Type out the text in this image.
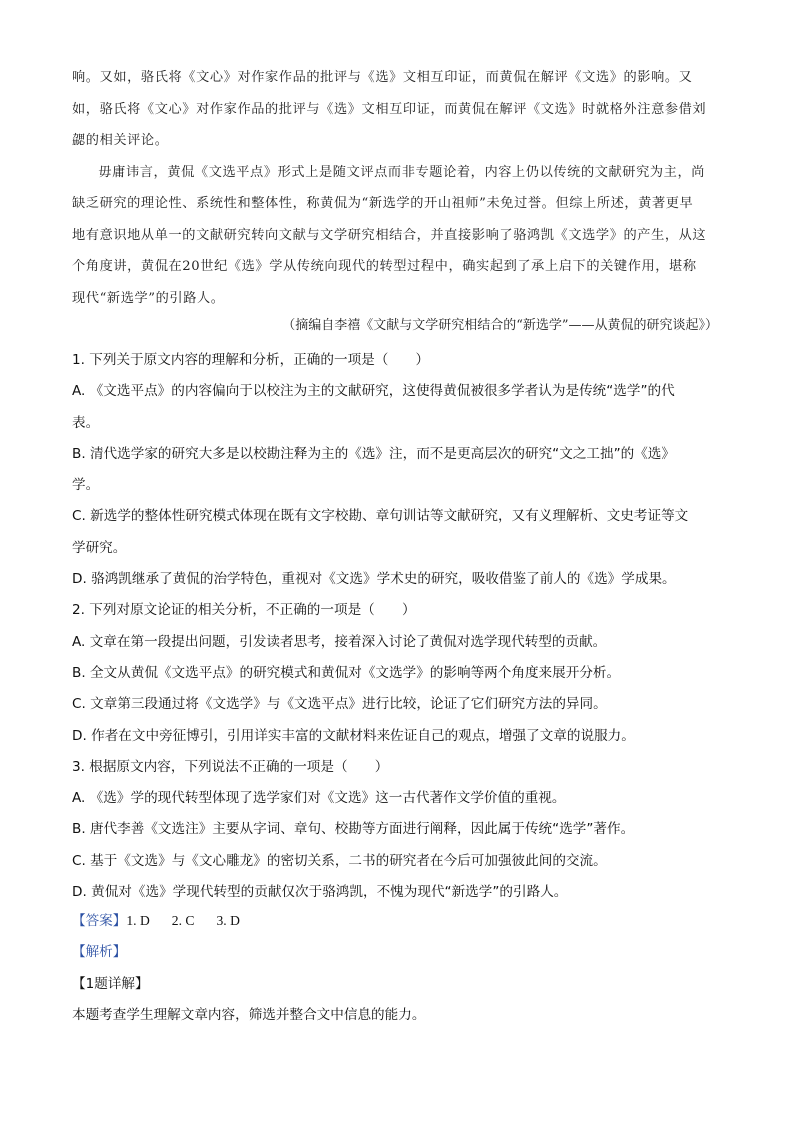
响。又如，骆氏将《文心》对作家作品的批评与《选》文相互印证，而黄侃在解评《文选》的影响。又
如，骆氏将《文心》对作家作品的批评与《选》文相互印证，而黄侃在解评《文选》时就格外注意参借刘
勰的相关评论。

毋庸讳言，黄侃《文选平点》形式上是随文评点而非专题论着，内容上仍以传统的文献研究为主，尚
缺乏研究的理论性、系统性和整体性，称黄侃为“新选学的开山祖师”未免过誉。但综上所述，黄著更早
地有意识地从单一的文献研究转向文献与文学研究相结合，并直接影响了骆鸿凯《文选学》的产生，从这
个角度讲，黄侃在20世纪《选》学从传统向现代的转型过程中，确实起到了承上启下的关键作用，堪称
现代“新选学”的引路人。

（摘编自李禧《文献与文学研究相结合的“新选学”——从黄侃的研究谈起》）
1. 下列关于原文内容的理解和分析，正确的一项是（　　）
A. 《文选平点》的内容偏向于以校注为主的文献研究，这使得黄侃被很多学者认为是传统“选学”的代
表。
B. 清代选学家的研究大多是以校勘注释为主的《选》注，而不是更高层次的研究“文之工拙”的《选》
学。
C. 新选学的整体性研究模式体现在既有文字校勘、章句训诂等文献研究，又有义理解析、文史考证等文
学研究。
D. 骆鸿凯继承了黄侃的治学特色，重视对《文选》学术史的研究，吸收借鉴了前人的《选》学成果。
2. 下列对原文论证的相关分析，不正确的一项是（　　）
A. 文章在第一段提出问题，引发读者思考，接着深入讨论了黄侃对选学现代转型的贡献。
B. 全文从黄侃《文选平点》的研究模式和黄侃对《文选学》的影响等两个角度来展开分析。
C. 文章第三段通过将《文选学》与《文选平点》进行比较，论证了它们研究方法的异同。
D. 作者在文中旁征博引，引用详实丰富的文献材料来佐证自己的观点，增强了文章的说服力。
3. 根据原文内容，下列说法不正确的一项是（　　）
A. 《选》学的现代转型体现了选学家们对《文选》这一古代著作文学价值的重视。
B. 唐代李善《文选注》主要从字词、章句、校勘等方面进行阐释，因此属于传统“选学”著作。
C. 基于《文选》与《文心雕龙》的密切关系，二书的研究者在今后可加强彼此间的交流。
D. 黄侃对《选》学现代转型的贡献仅次于骆鸿凯，不愧为现代“新选学”的引路人。
【答案】1. D 2. C 3. D
【解析】
【1题详解】
本题考查学生理解文章内容，筛选并整合文中信息的能力。
